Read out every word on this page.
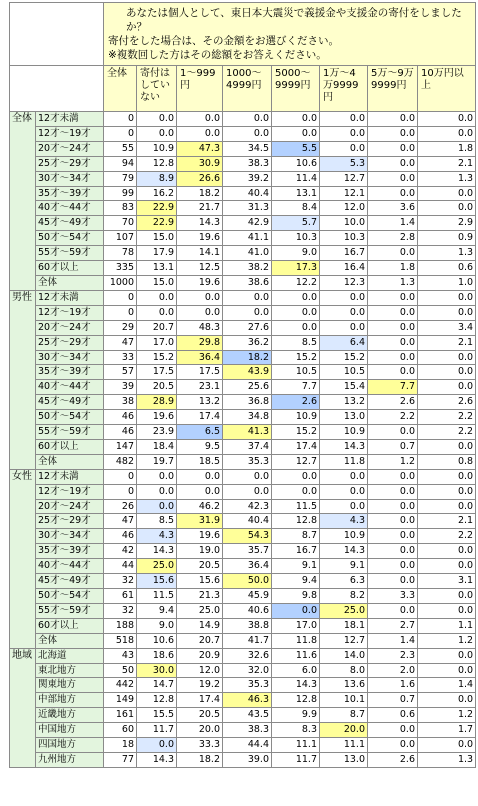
		あなたは個人として、東日本大震災で義援金や支援金の寄付をしましたか？
寄付をした場合は、その金額をお選びください。
※複数回した方はその総額をお答えください。							

		全体	寄付はしていない	1～999円	1000～4999円	5000～9999円	1万～4万9999円	5万～9万9999円	10万円以上
全体	12才未満	0	0.0	0.0	0.0	0.0	0.0	0.0	0.0
	12才～19才	0	0.0	0.0	0.0	0.0	0.0	0.0	0.0
	20才～24才	55	10.9	47.3	34.5	5.5	0.0	0.0	1.8
	25才～29才	94	12.8	30.9	38.3	10.6	5.3	0.0	2.1
	30才～34才	79	8.9	26.6	39.2	11.4	12.7	0.0	1.3
	35才～39才	99	16.2	18.2	40.4	13.1	12.1	0.0	0.0
	40才～44才	83	22.9	21.7	31.3	8.4	12.0	3.6	0.0
	45才～49才	70	22.9	14.3	42.9	5.7	10.0	1.4	2.9
	50才～54才	107	15.0	19.6	41.1	10.3	10.3	2.8	0.9
	55才～59才	78	17.9	14.1	41.0	9.0	16.7	0.0	1.3
	60才以上	335	13.1	12.5	38.2	17.3	16.4	1.8	0.6
	全体	1000	15.0	19.6	38.6	12.2	12.3	1.3	1.0
男性	12才未満	0	0.0	0.0	0.0	0.0	0.0	0.0	0.0
	12才～19才	0	0.0	0.0	0.0	0.0	0.0	0.0	0.0
	20才～24才	29	20.7	48.3	27.6	0.0	0.0	0.0	3.4
	25才～29才	47	17.0	29.8	36.2	8.5	6.4	0.0	2.1
	30才～34才	33	15.2	36.4	18.2	15.2	15.2	0.0	0.0
	35才～39才	57	17.5	17.5	43.9	10.5	10.5	0.0	0.0
	40才～44才	39	20.5	23.1	25.6	7.7	15.4	7.7	0.0
	45才～49才	38	28.9	13.2	36.8	2.6	13.2	2.6	2.6
	50才～54才	46	19.6	17.4	34.8	10.9	13.0	2.2	2.2
	55才～59才	46	23.9	6.5	41.3	15.2	10.9	0.0	2.2
	60才以上	147	18.4	9.5	37.4	17.4	14.3	0.7	0.0
	全体	482	19.7	18.5	35.3	12.7	11.8	1.2	0.8
女性	12才未満	0	0.0	0.0	0.0	0.0	0.0	0.0	0.0
	12才～19才	0	0.0	0.0	0.0	0.0	0.0	0.0	0.0
	20才～24才	26	0.0	46.2	42.3	11.5	0.0	0.0	0.0
	25才～29才	47	8.5	31.9	40.4	12.8	4.3	0.0	2.1
	30才～34才	46	4.3	19.6	54.3	8.7	10.9	0.0	2.2
	35才～39才	42	14.3	19.0	35.7	16.7	14.3	0.0	0.0
	40才～44才	44	25.0	20.5	36.4	9.1	9.1	0.0	0.0
	45才～49才	32	15.6	15.6	50.0	9.4	6.3	0.0	3.1
	50才～54才	61	11.5	21.3	45.9	9.8	8.2	3.3	0.0
	55才～59才	32	9.4	25.0	40.6	0.0	25.0	0.0	0.0
	60才以上	188	9.0	14.9	38.8	17.0	18.1	2.7	1.1
	全体	518	10.6	20.7	41.7	11.8	12.7	1.4	1.2
地域	北海道	43	18.6	20.9	32.6	11.6	14.0	2.3	0.0
	東北地方	50	30.0	12.0	32.0	6.0	8.0	2.0	0.0
	関東地方	442	14.7	19.2	35.3	14.3	13.6	1.6	1.4
	中部地方	149	12.8	17.4	46.3	12.8	10.1	0.7	0.0
	近畿地方	161	15.5	20.5	43.5	9.9	8.7	0.6	1.2
	中国地方	60	11.7	20.0	38.3	8.3	20.0	0.0	1.7
	四国地方	18	0.0	33.3	44.4	11.1	11.1	0.0	0.0
	九州地方	77	14.3	18.2	39.0	11.7	13.0	2.6	1.3
